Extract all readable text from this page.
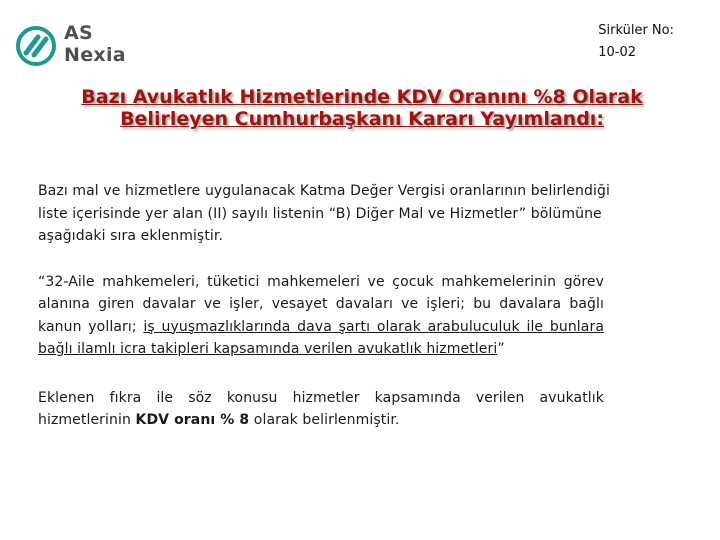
AS
Nexia
Sirküler No:
10-02
Bazı Avukatlık Hizmetlerinde KDV Oranını %8 Olarak
Belirleyen Cumhurbaşkanı Kararı Yayımlandı:

Bazı mal ve hizmetlere uygulanacak Katma Değer Vergisi oranlarının belirlendiği liste içerisinde yer alan (II) sayılı listenin “B) Diğer Mal ve Hizmetler” bölümüne aşağıdaki sıra eklenmiştir.

“32-Aile mahkemeleri, tüketici mahkemeleri ve çocuk mahkemelerinin görev alanına giren davalar ve işler, vesayet davaları ve işleri; bu davalara bağlı kanun yolları; iş uyuşmazlıklarında dava şartı olarak arabuluculuk ile bunlara bağlı ilamlı icra takipleri kapsamında verilen avukatlık hizmetleri”

Eklenen fıkra ile söz konusu hizmetler kapsamında verilen avukatlık hizmetlerinin KDV oranı % 8 olarak belirlenmiştir.
